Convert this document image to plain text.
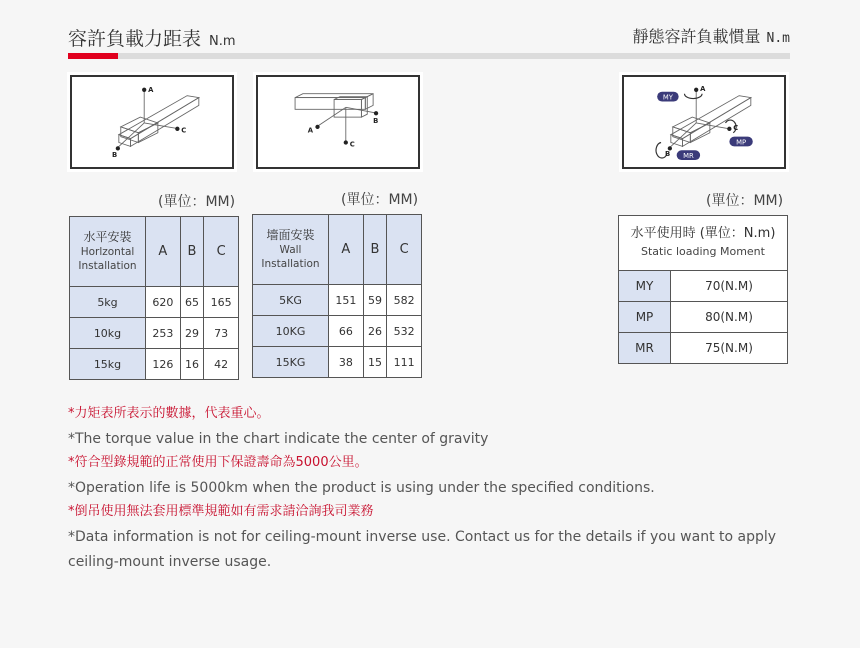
容許負載力距表 N.m	靜態容許負載慣量 N.m
A
C
B
B
A
C
A
C
B
MY
MP
MR
(單位：MM)	(單位：MM)	(單位：MM)
水平安裝
Horlzontal
Installation	A	B	C
5kg	620	65	165
10kg	253	29	73
15kg	126	16	42
墻面安裝
Wall
Installation	A	B	C
5KG	151	59	582
10KG	66	26	532
15KG	38	15	111
水平使用時 (單位：N.m)
Static loading Moment	

MY	70(N.M)
MP	80(N.M)
MR	75(N.M)
*力矩表所表示的數據，代表重心。
*The torque value in the chart indicate the center of gravity
*符合型錄規範的正常使用下保證壽命為5000公里。
*Operation life is 5000km when the product is using under the specified conditions.
*倒吊使用無法套用標準規範如有需求請洽詢我司業務
*Data information is not for ceiling-mount inverse use. Contact us for the details if you want to apply ceiling-mount inverse usage.
